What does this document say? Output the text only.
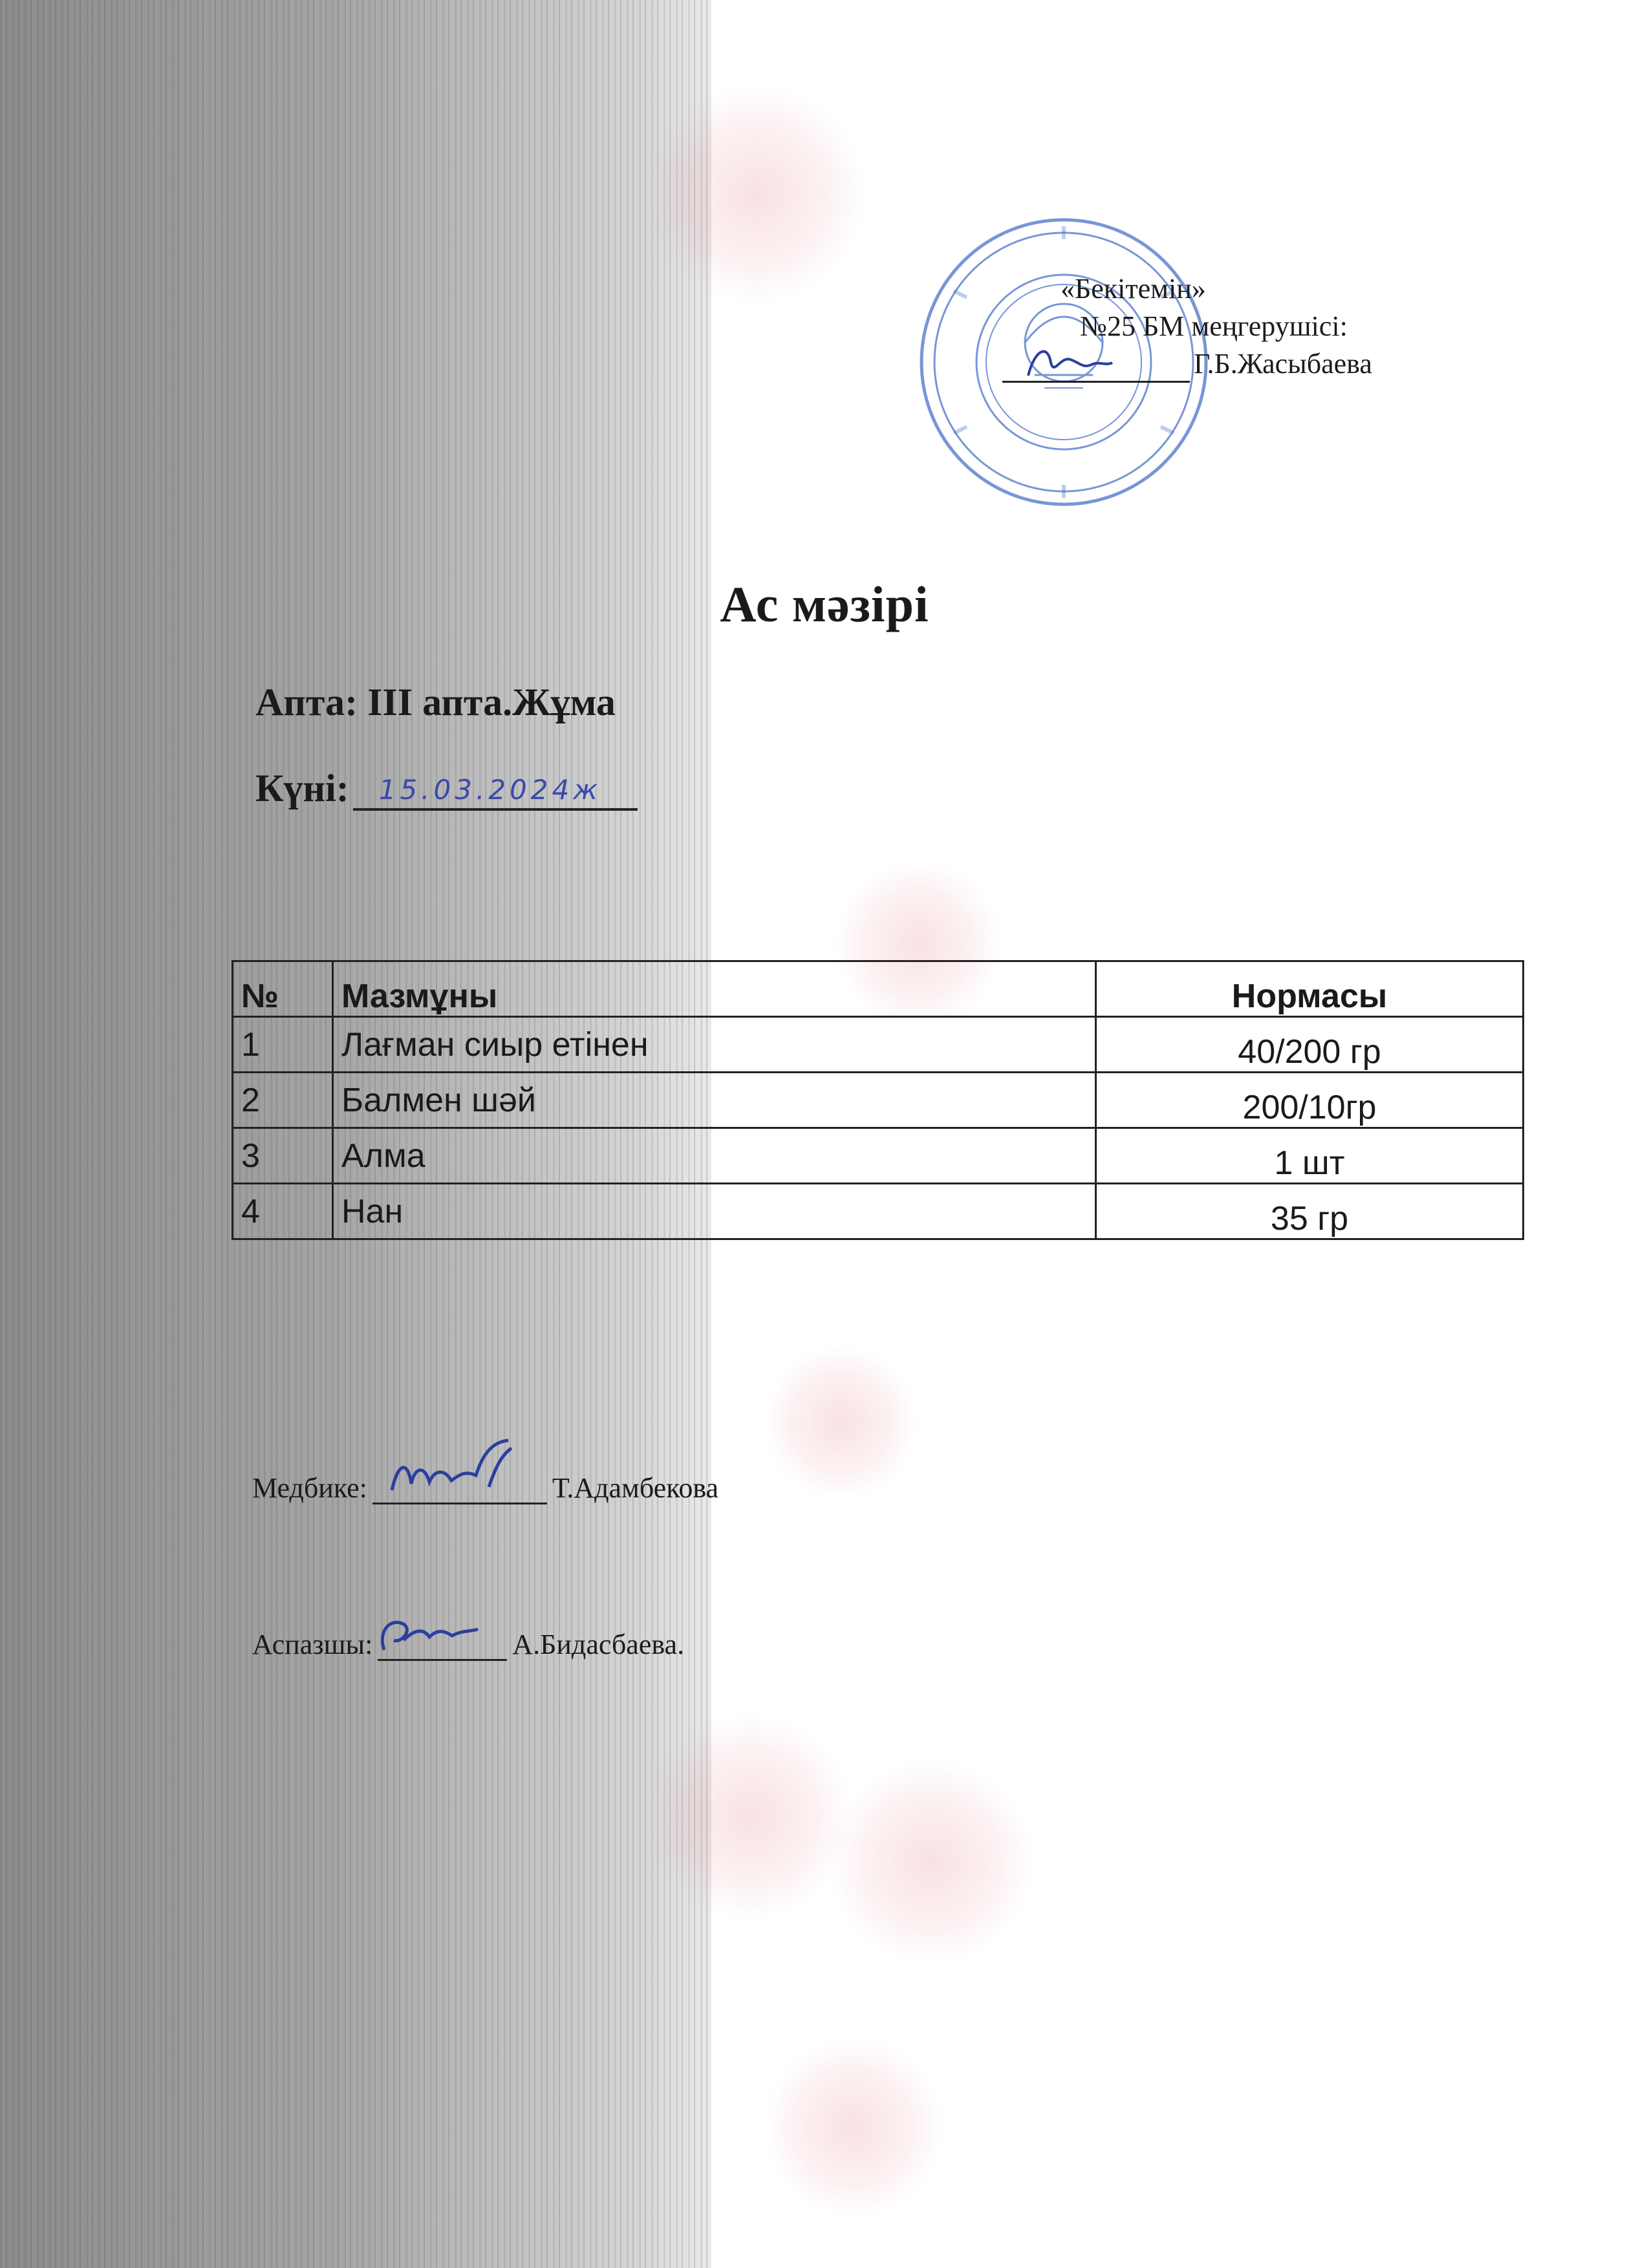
«Бекітемін»
№25 БМ меңгерушісі:
Г.Б.Жасыбаева
Ас мәзірі
Апта: ІІІ апта.Жұма
Күні:	15.03.2024ж
№	Мазмұны	Нормасы
1	Лағман сиыр етінен	40/200 гр
2	Балмен шәй	200/10гр
3	Алма	1 шт
4	Нан	35 гр
Медбике:	Т.Адамбекова
Аспазшы:	А.Бидасбаева.
